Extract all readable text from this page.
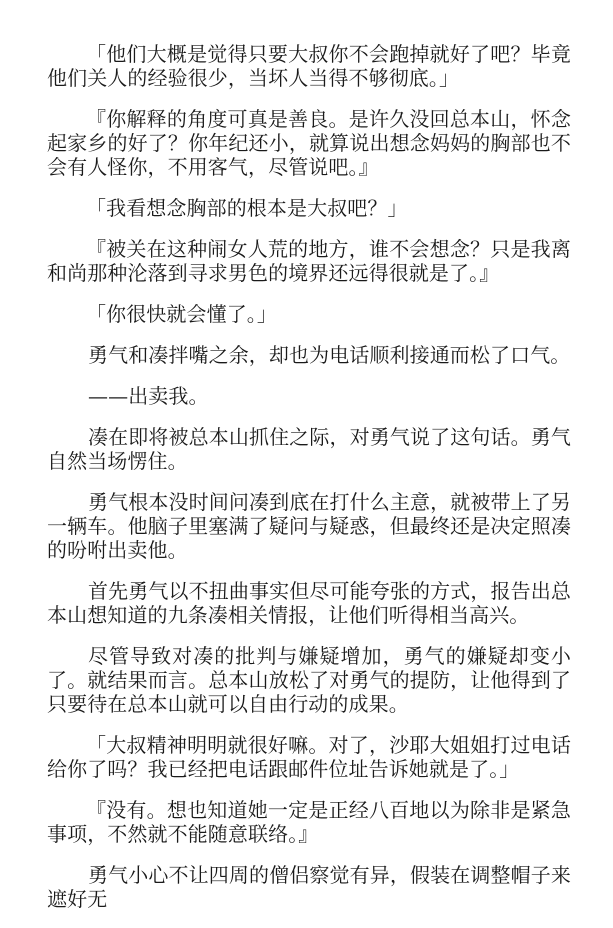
「他们大概是觉得只要大叔你不会跑掉就好了吧？毕竟他们关人的经验很少，当坏人当得不够彻底。」

『你解释的角度可真是善良。是许久没回总本山，怀念起家乡的好了？你年纪还小，就算说出想念妈妈的胸部也不会有人怪你，不用客气，尽管说吧。』

「我看想念胸部的根本是大叔吧？」

『被关在这种闹女人荒的地方，谁不会想念？只是我离和尚那种沦落到寻求男色的境界还远得很就是了。』

「你很快就会懂了。」

勇气和凑拌嘴之余，却也为电话顺利接通而松了口气。

——出卖我。

凑在即将被总本山抓住之际，对勇气说了这句话。勇气自然当场愣住。

勇气根本没时间问凑到底在打什么主意，就被带上了另一辆车。他脑子里塞满了疑问与疑惑，但最终还是决定照凑的吩咐出卖他。

首先勇气以不扭曲事实但尽可能夸张的方式，报告出总本山想知道的九条凑相关情报，让他们听得相当高兴。

尽管导致对凑的批判与嫌疑增加，勇气的嫌疑却变小了。就结果而言。总本山放松了对勇气的提防，让他得到了只要待在总本山就可以自由行动的成果。

「大叔精神明明就很好嘛。对了，沙耶大姐姐打过电话给你了吗？我已经把电话跟邮件位址告诉她就是了。」

『没有。想也知道她一定是正经八百地以为除非是紧急事项，不然就不能随意联络。』

勇气小心不让四周的僧侣察觉有异，假装在调整帽子来遮好无
